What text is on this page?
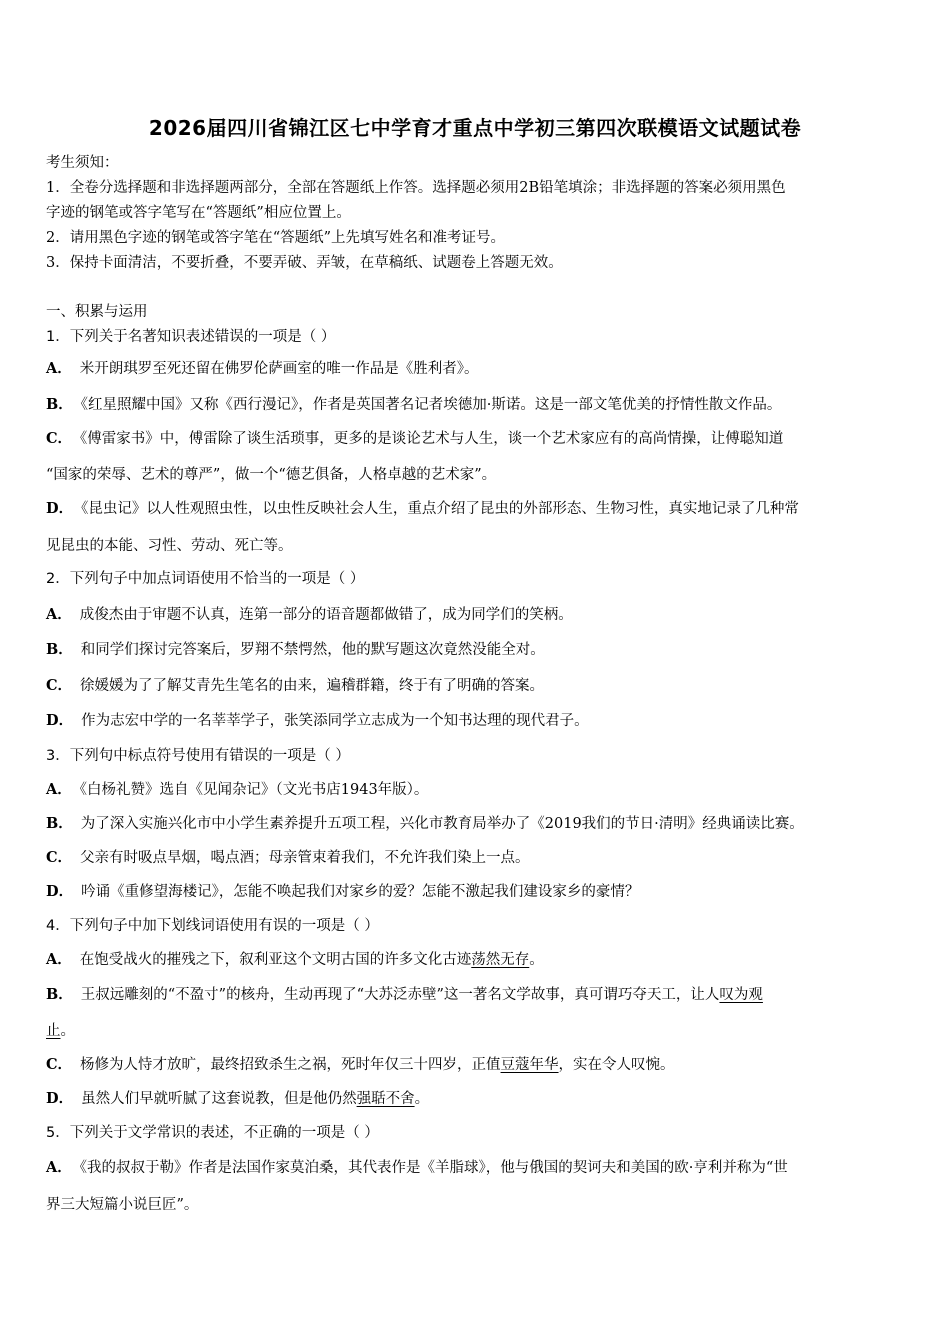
2026届四川省锦江区七中学育才重点中学初三第四次联模语文试题试卷
考生须知：
1．全卷分选择题和非选择题两部分，全部在答题纸上作答。选择题必须用2B铅笔填涂；非选择题的答案必须用黑色
字迹的钢笔或答字笔写在“答题纸”相应位置上。
2．请用黑色字迹的钢笔或答字笔在“答题纸”上先填写姓名和准考证号。
3．保持卡面清洁，不要折叠，不要弄破、弄皱，在草稿纸、试题卷上答题无效。
一、积累与运用
1．下列关于名著知识表述错误的一项是（ ）
A． 米开朗琪罗至死还留在佛罗伦萨画室的唯一作品是《胜利者》。
B． 《红星照耀中国》又称《西行漫记》，作者是英国著名记者埃德加·斯诺。这是一部文笔优美的抒情性散文作品。
C． 《傅雷家书》中，傅雷除了谈生活琐事，更多的是谈论艺术与人生，谈一个艺术家应有的高尚情操，让傅聪知道
“国家的荣辱、艺术的尊严”，做一个“德艺俱备，人格卓越的艺术家”。
D． 《昆虫记》以人性观照虫性，以虫性反映社会人生，重点介绍了昆虫的外部形态、生物习性，真实地记录了几种常
见昆虫的本能、习性、劳动、死亡等。
2．下列句子中加点词语使用不恰当的一项是（ ）
A． 成俊杰由于审题不认真，连第一部分的语音题都做错了，成为同学们的笑柄。
B． 和同学们探讨完答案后，罗翔不禁愕然，他的默写题这次竟然没能全对。
C． 徐媛媛为了了解艾青先生笔名的由来，遍稽群籍，终于有了明确的答案。
D． 作为志宏中学的一名莘莘学子，张笑添同学立志成为一个知书达理的现代君子。
3．下列句中标点符号使用有错误的一项是（ ）
A． 《白杨礼赞》选自《见闻杂记》（文光书店1943年版）。
B． 为了深入实施兴化市中小学生素养提升五项工程，兴化市教育局举办了《2019我们的节日·清明》经典诵读比赛。
C． 父亲有时吸点旱烟，喝点酒；母亲管束着我们，不允许我们染上一点。
D． 吟诵《重修望海楼记》，怎能不唤起我们对家乡的爱？怎能不激起我们建设家乡的豪情？
4．下列句子中加下划线词语使用有误的一项是（ ）
A． 在饱受战火的摧残之下，叙利亚这个文明古国的许多文化古迹荡然无存。
B． 王叔远雕刻的“不盈寸”的核舟，生动再现了“大苏泛赤壁”这一著名文学故事，真可谓巧夺天工，让人叹为观
止。
C． 杨修为人恃才放旷，最终招致杀生之祸，死时年仅三十四岁，正值豆蔻年华，实在令人叹惋。
D． 虽然人们早就听腻了这套说教，但是他仍然强聒不舍。
5．下列关于文学常识的表述，不正确的一项是（ ）
A． 《我的叔叔于勒》作者是法国作家莫泊桑，其代表作是《羊脂球》，他与俄国的契诃夫和美国的欧·亨利并称为“世
界三大短篇小说巨匠”。
